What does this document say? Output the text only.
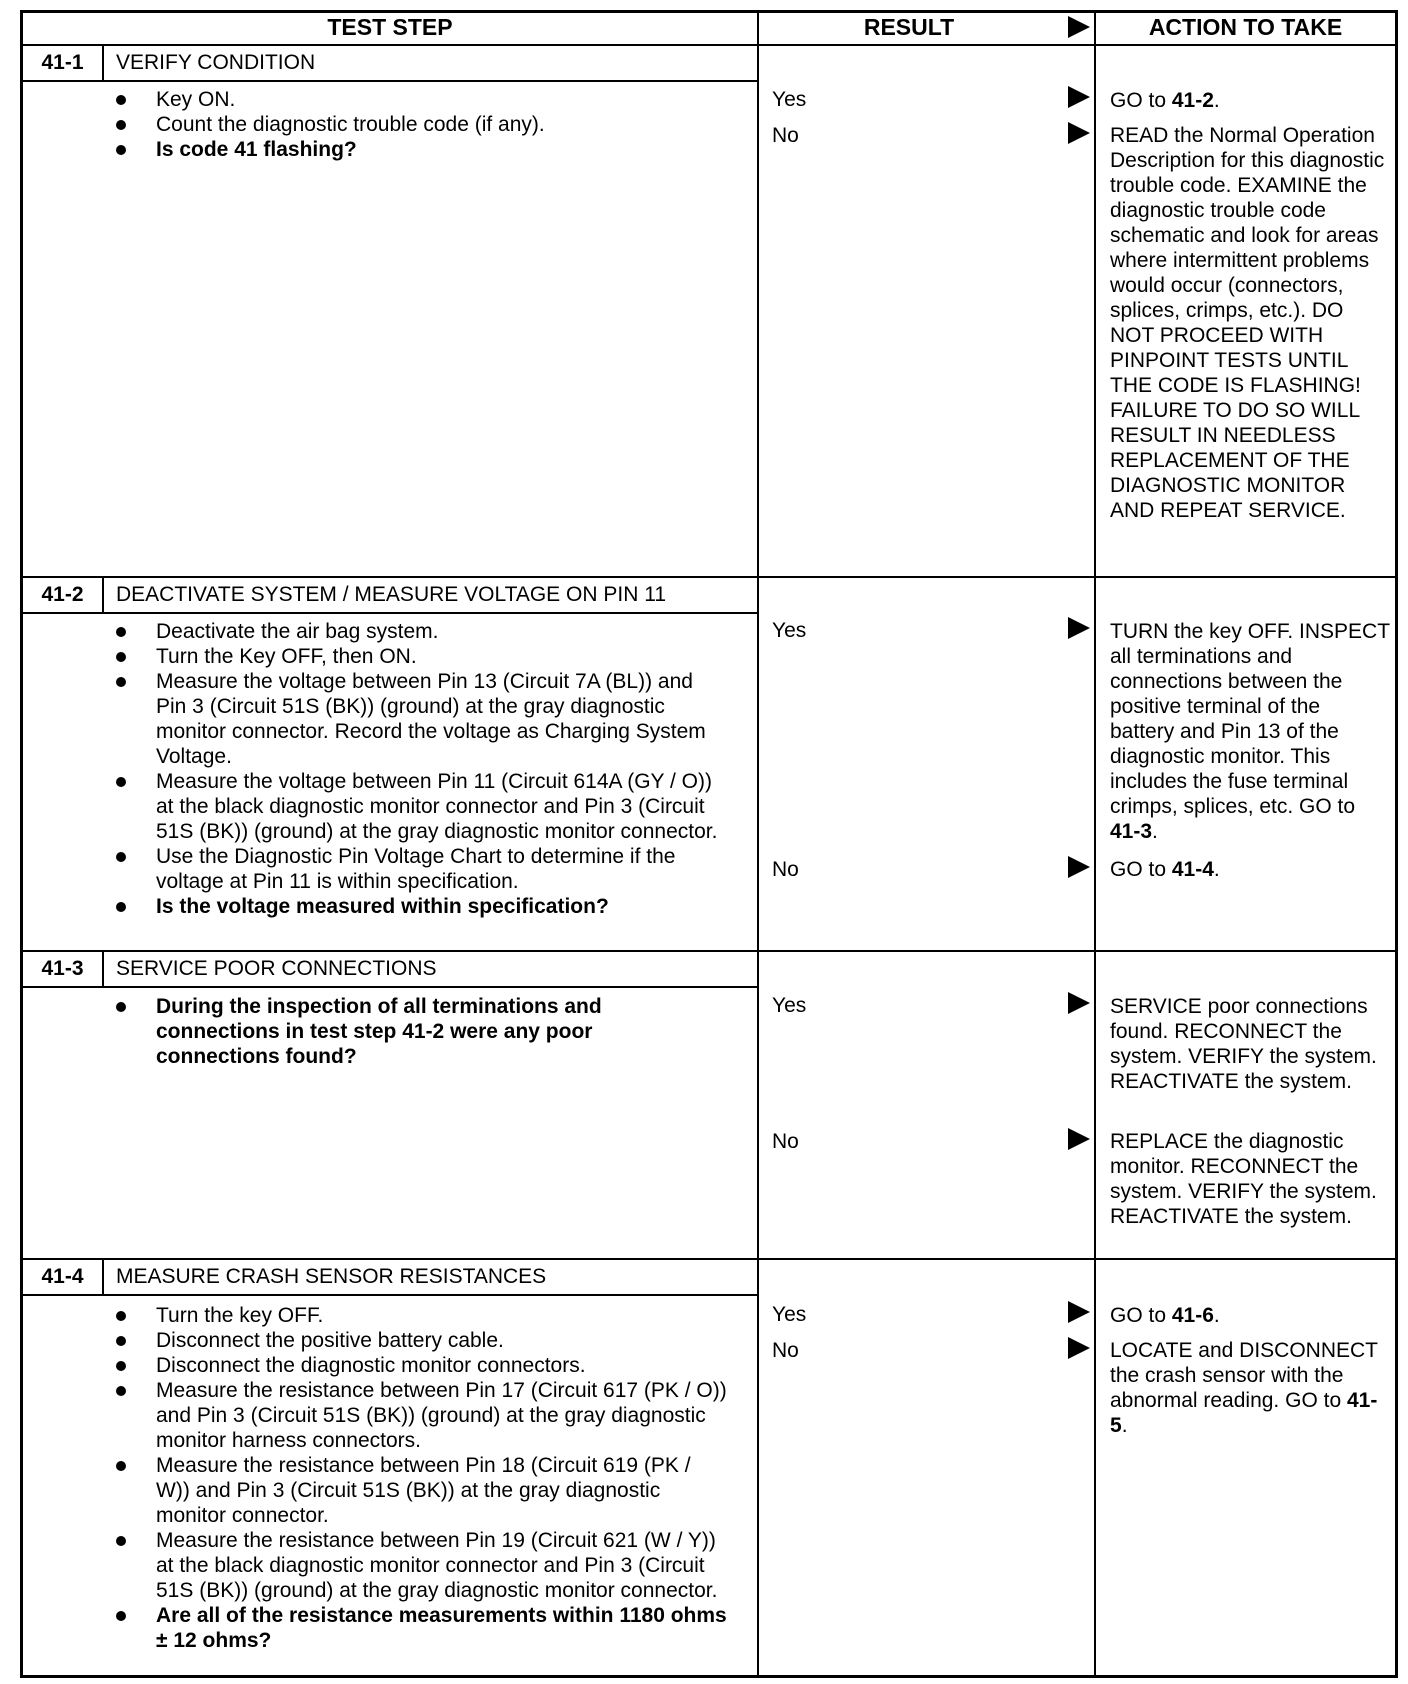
TEST STEP	RESULT	ACTION TO TAKE
41-1	VERIFY CONDITION
Key ON.
Count the diagnostic trouble code (if any).
Is code 41 flashing?
Yes	GO to 41-2.
No	READ the Normal Operation Description for this diagnostic trouble code. EXAMINE the diagnostic trouble code schematic and look for areas where intermittent problems would occur (connectors, splices, crimps, etc.). DO NOT PROCEED WITH PINPOINT TESTS UNTIL THE CODE IS FLASHING! FAILURE TO DO SO WILL RESULT IN NEEDLESS REPLACEMENT OF THE DIAGNOSTIC MONITOR AND REPEAT SERVICE.
41-2	DEACTIVATE SYSTEM / MEASURE VOLTAGE ON PIN 11
Deactivate the air bag system.
Turn the Key OFF, then ON.
Measure the voltage between Pin 13 (Circuit 7A (BL)) and Pin 3 (Circuit 51S (BK)) (ground) at the gray diagnostic monitor connector. Record the voltage as Charging System Voltage.
Measure the voltage between Pin 11 (Circuit 614A (GY / O)) at the black diagnostic monitor connector and Pin 3 (Circuit 51S (BK)) (ground) at the gray diagnostic monitor connector.
Use the Diagnostic Pin Voltage Chart to determine if the voltage at Pin 11 is within specification.
Is the voltage measured within specification?
Yes	TURN the key OFF. INSPECT all terminations and connections between the positive terminal of the battery and Pin 13 of the diagnostic monitor. This includes the fuse terminal crimps, splices, etc. GO to 41-3.
No	GO to 41-4.
41-3	SERVICE POOR CONNECTIONS
During the inspection of all terminations and connections in test step 41-2 were any poor connections found?
Yes	SERVICE poor connections found. RECONNECT the system. VERIFY the system. REACTIVATE the system.
No	REPLACE the diagnostic monitor. RECONNECT the system. VERIFY the system. REACTIVATE the system.
41-4	MEASURE CRASH SENSOR RESISTANCES
Turn the key OFF.
Disconnect the positive battery cable.
Disconnect the diagnostic monitor connectors.
Measure the resistance between Pin 17 (Circuit 617 (PK / O)) and Pin 3 (Circuit 51S (BK)) (ground) at the gray diagnostic monitor harness connectors.
Measure the resistance between Pin 18 (Circuit 619 (PK / W)) and Pin 3 (Circuit 51S (BK)) at the gray diagnostic monitor connector.
Measure the resistance between Pin 19 (Circuit 621 (W / Y)) at the black diagnostic monitor connector and Pin 3 (Circuit 51S (BK)) (ground) at the gray diagnostic monitor connector.
Are all of the resistance measurements within 1180 ohms ± 12 ohms?
Yes	GO to 41-6.
No	LOCATE and DISCONNECT the crash sensor with the abnormal reading. GO to 41-5.
